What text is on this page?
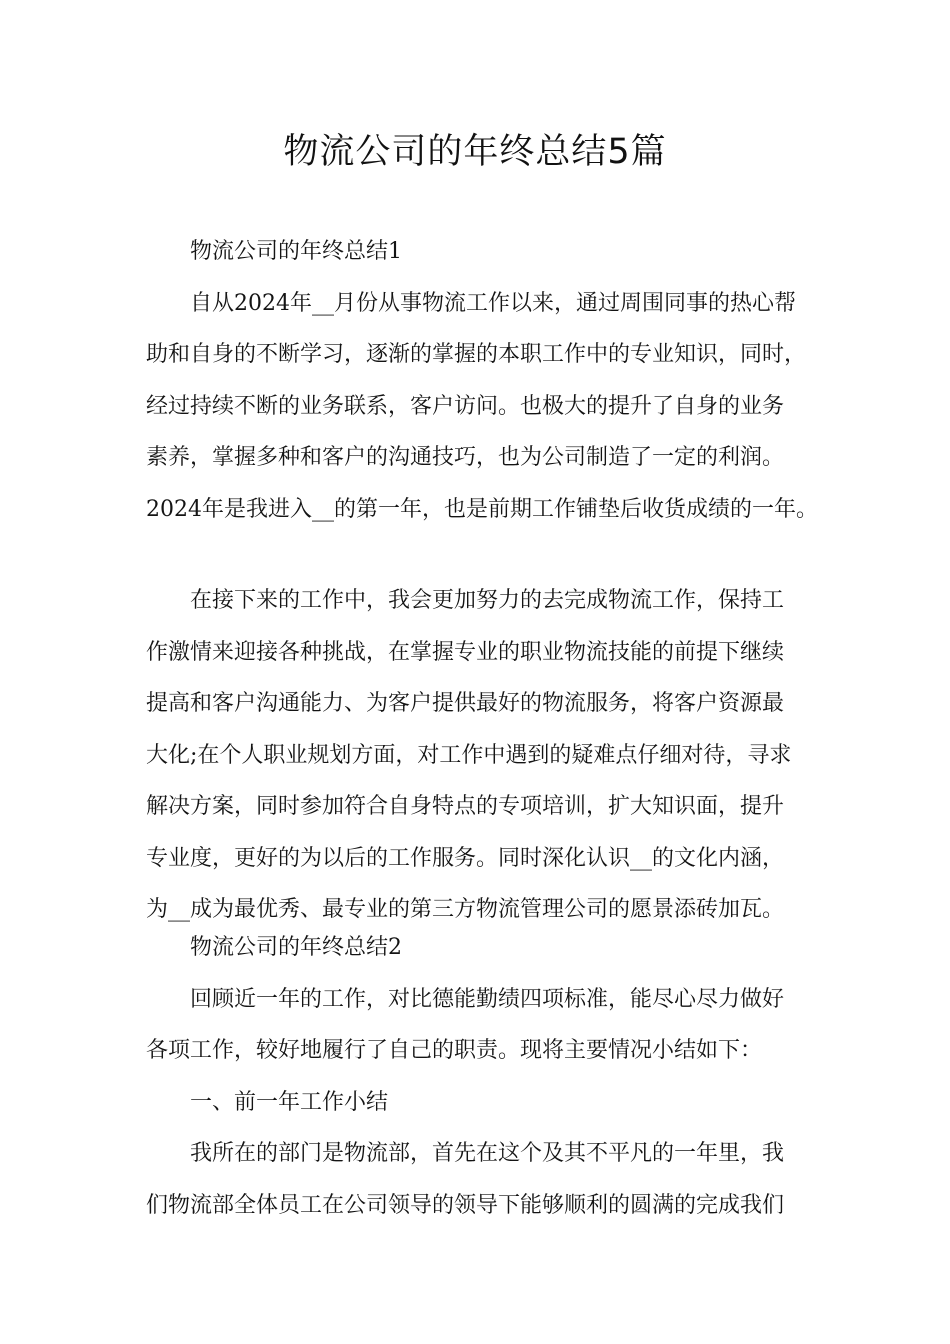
物流公司的年终总结5篇

物流公司的年终总结1

自从2024年__月份从事物流工作以来，通过周围同事的热心帮

助和自身的不断学习，逐渐的掌握的本职工作中的专业知识，同时，

经过持续不断的业务联系，客户访问。也极大的提升了自身的业务

素养，掌握多种和客户的沟通技巧，也为公司制造了一定的利润。

2024年是我进入__的第一年，也是前期工作铺垫后收货成绩的一年。

在接下来的工作中，我会更加努力的去完成物流工作，保持工

作激情来迎接各种挑战，在掌握专业的职业物流技能的前提下继续

提高和客户沟通能力、为客户提供最好的物流服务，将客户资源最

大化;在个人职业规划方面，对工作中遇到的疑难点仔细对待，寻求

解决方案，同时参加符合自身特点的专项培训，扩大知识面，提升

专业度，更好的为以后的工作服务。同时深化认识__的文化内涵，

为__成为最优秀、最专业的第三方物流管理公司的愿景添砖加瓦。

物流公司的年终总结2

回顾近一年的工作，对比德能勤绩四项标准，能尽心尽力做好

各项工作，较好地履行了自己的职责。现将主要情况小结如下：

一、前一年工作小结

我所在的部门是物流部，首先在这个及其不平凡的一年里，我

们物流部全体员工在公司领导的领导下能够顺利的圆满的完成我们
